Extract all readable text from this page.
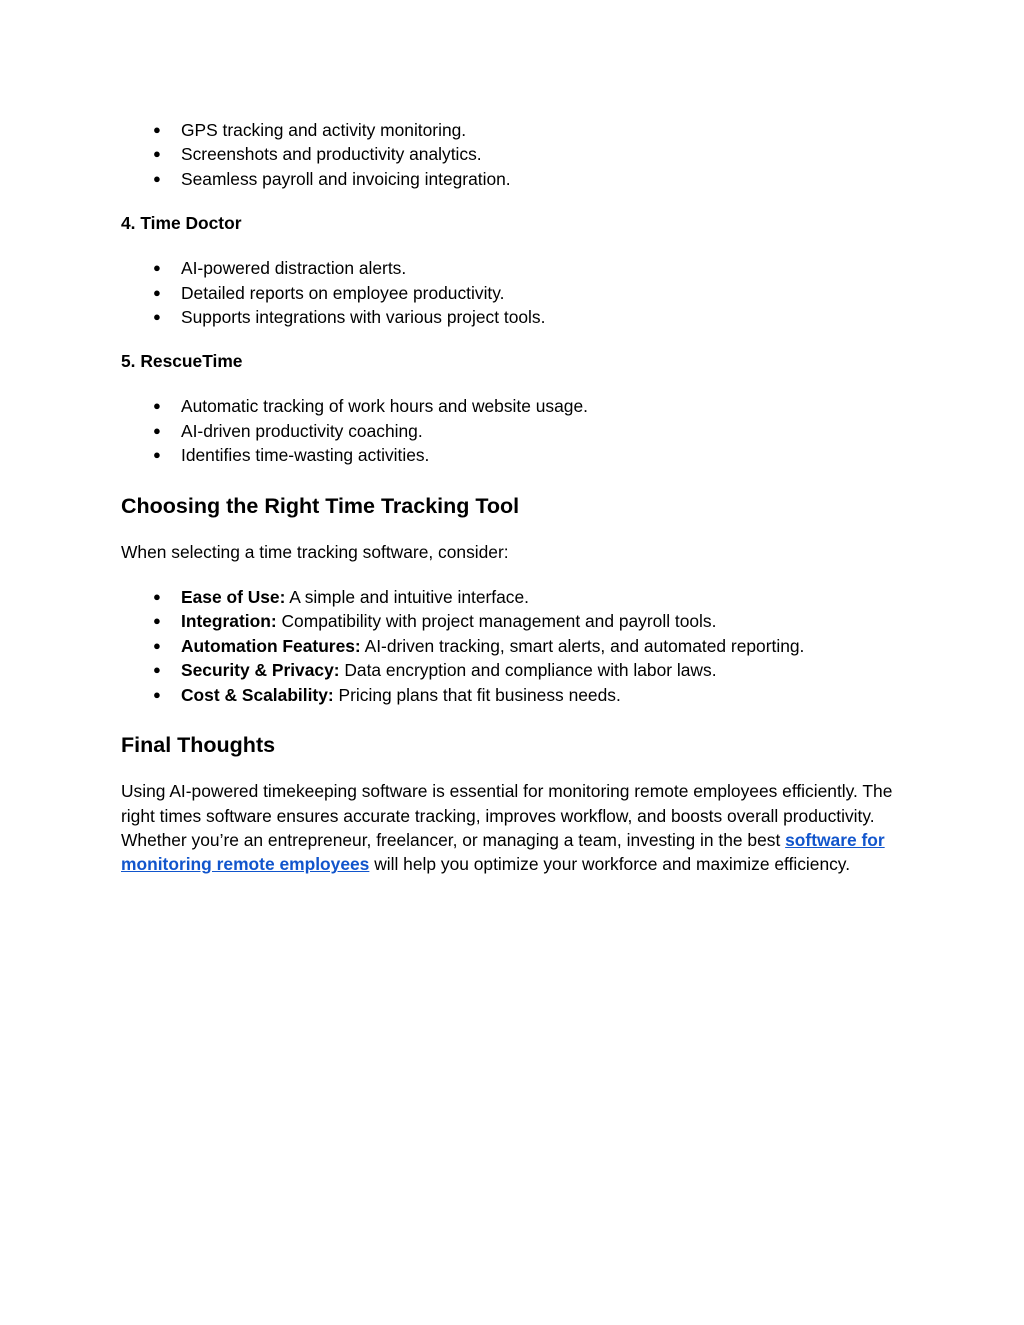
● GPS tracking and activity monitoring.
● Screenshots and productivity analytics.
● Seamless payroll and invoicing integration.
4. Time Doctor
● AI-powered distraction alerts.
● Detailed reports on employee productivity.
● Supports integrations with various project tools.
5. RescueTime
● Automatic tracking of work hours and website usage.
● AI-driven productivity coaching.
● Identifies time-wasting activities.
Choosing the Right Time Tracking Tool

When selecting a time tracking software, consider:

● Ease of Use: A simple and intuitive interface.
● Integration: Compatibility with project management and payroll tools.
● Automation Features: AI-driven tracking, smart alerts, and automated reporting.
● Security & Privacy: Data encryption and compliance with labor laws.
● Cost & Scalability: Pricing plans that fit business needs.
Final Thoughts

Using AI-powered timekeeping software is essential for monitoring remote employees efficiently. The right times software ensures accurate tracking, improves workflow, and boosts overall productivity. Whether you’re an entrepreneur, freelancer, or managing a team, investing in the best software for monitoring remote employees will help you optimize your workforce and maximize efficiency.
